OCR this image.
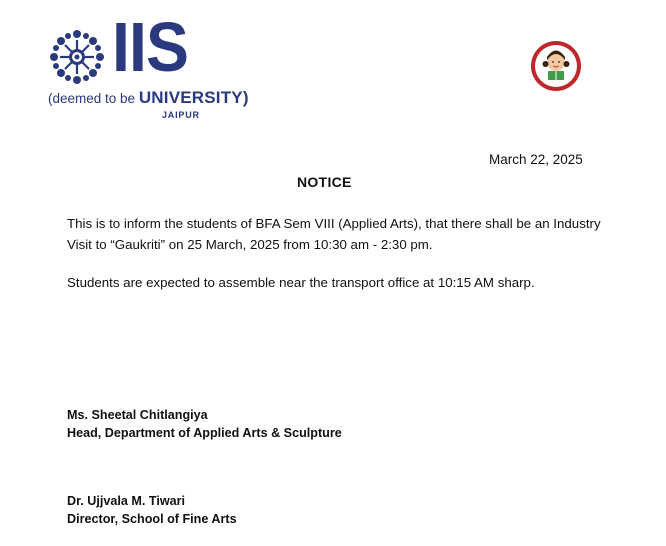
IIS
(deemed to be UNIVERSITY)
JAIPUR
March 22, 2025
NOTICE
This is to inform the students of BFA Sem VIII (Applied Arts), that there shall be an Industry Visit to “Gaukriti” on 25 March, 2025 from 10:30 am - 2:30 pm.
Students are expected to assemble near the transport office at 10:15 AM sharp.
Ms. Sheetal Chitlangiya
Head, Department of Applied Arts & Sculpture
Dr. Ujjvala M. Tiwari
Director, School of Fine Arts
